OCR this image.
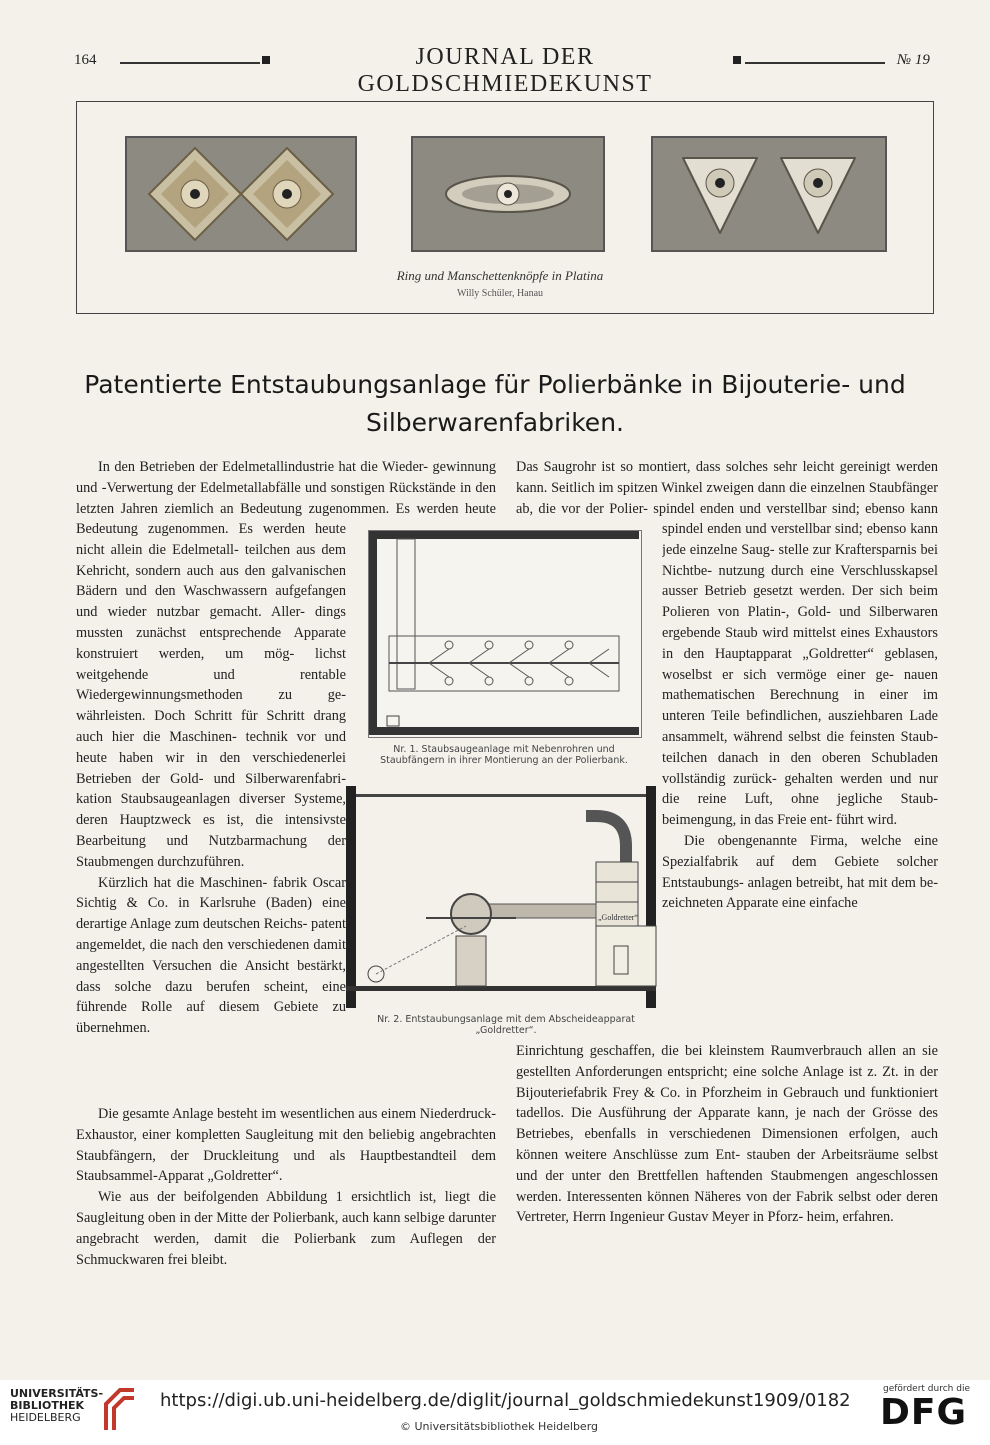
164	JOURNAL DER GOLDSCHMIEDEKUNST
№ 19
Ring und Manschettenknöpfe in Platina
Willy Schüler, Hanau
Patentierte Entstaubungsanlage für Polierbänke in Bijouterie- und Silberwarenfabriken.

In den Betrieben der Edelmetallindustrie hat die Wieder- gewinnung und -Verwertung der Edelmetallabfälle und sonstigen Rückstände in den letzten Jahren ziemlich an Bedeutung zugenommen. Es werden heute

Bedeutung zugenommen. Es werden heute nicht allein die Edelmetall- teilchen aus dem Kehricht, sondern auch aus den galvanischen Bädern und den Waschwassern aufgefangen und wieder nutzbar gemacht. Aller- dings mussten zunächst entsprechende Apparate konstruiert werden, um mög- lichst weitgehende und rentable Wiedergewinnungsmethoden zu ge- währleisten. Doch Schritt für Schritt drang auch hier die Maschinen- technik vor und heute haben wir in den verschiedenerlei Betrieben der Gold- und Silberwarenfabri- kation Staubsaugeanlagen diverser Systeme, deren Hauptzweck es ist, die intensivste Bearbeitung und Nutzbarmachung der Staubmengen durchzuführen.

Kürzlich hat die Maschinen- fabrik Oscar Sichtig & Co. in Karlsruhe (Baden) eine derartige Anlage zum deutschen Reichs- patent angemeldet, die nach den verschiedenen damit angestellten Versuchen die Ansicht bestärkt, dass solche dazu berufen scheint, eine führende Rolle auf diesem Gebiete zu übernehmen.

Die gesamte Anlage besteht im wesentlichen aus einem Niederdruck-Exhaustor, einer kompletten Saugleitung mit den beliebig angebrachten Staubfängern, der Druckleitung und als Hauptbestandteil dem Staubsammel-Apparat „Goldretter“.

Wie aus der beifolgenden Abbildung 1 ersichtlich ist, liegt die Saugleitung oben in der Mitte der Polierbank, auch kann selbige darunter angebracht werden, damit die Polierbank zum Auflegen der Schmuckwaren frei bleibt.

Das Saugrohr ist so montiert, dass solches sehr leicht gereinigt werden kann. Seitlich im spitzen Winkel zweigen dann die einzelnen Staubfänger ab, die vor der Polier- spindel enden und verstellbar sind; ebenso kann

spindel enden und verstellbar sind; ebenso kann jede einzelne Saug- stelle zur Kraftersparnis bei Nichtbe- nutzung durch eine Verschlusskapsel ausser Betrieb gesetzt werden. Der sich beim Polieren von Platin-, Gold- und Silberwaren ergebende Staub wird mittelst eines Exhaustors in den Hauptapparat „Goldretter“ geblasen, woselbst er sich vermöge einer ge- nauen mathematischen Berechnung in einer im unteren Teile befindlichen, ausziehbaren Lade ansammelt, während selbst die feinsten Staub- teilchen danach in den oberen Schubladen vollständig zurück- gehalten werden und nur die reine Luft, ohne jegliche Staub- beimengung, in das Freie ent- führt wird.

Die obengenannte Firma, welche eine Spezialfabrik auf dem Gebiete solcher Entstaubungs- anlagen betreibt, hat mit dem be- zeichneten Apparate eine einfache

Einrichtung geschaffen, die bei kleinstem Raumverbrauch allen an sie gestellten Anforderungen entspricht; eine solche Anlage ist z. Zt. in der Bijouteriefabrik Frey & Co. in Pforzheim in Gebrauch und funktioniert tadellos. Die Ausführung der Apparate kann, je nach der Grösse des Betriebes, ebenfalls in verschiedenen Dimensionen erfolgen, auch können weitere Anschlüsse zum Ent- stauben der Arbeitsräume selbst und der unter den Brettfellen haftenden Staubmengen angeschlossen werden. Interessenten können Näheres von der Fabrik selbst oder deren Vertreter, Herrn Ingenieur Gustav Meyer in Pforz- heim, erfahren.

Nr. 1. Staubsaugeanlage mit Nebenrohren und Staubfängern in ihrer Montierung an der Polierbank.
„Goldretter“
Nr. 2. Entstaubungsanlage mit dem Abscheideapparat „Goldretter“.
UNIVERSITÄTS-
BIBLIOTHEK
HEIDELBERG
https://digi.ub.uni-heidelberg.de/diglit/journal_goldschmiedekunst1909/0182
© Universitätsbibliothek Heidelberg
gefördert durch die
DFG
